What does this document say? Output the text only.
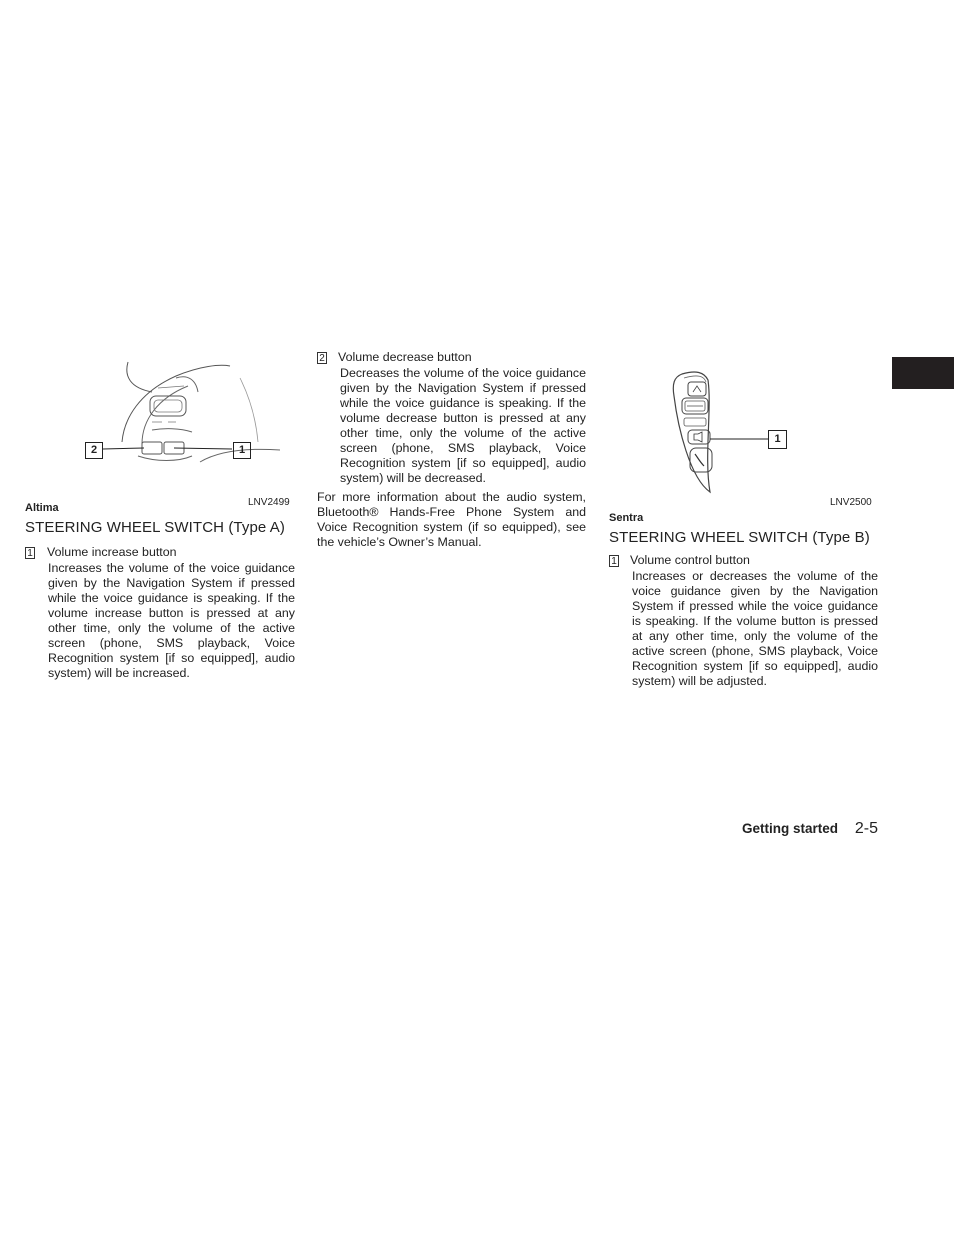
2	1
Altima	LNV2499
STEERING WHEEL SWITCH (Type A)
1 Volume increase button
Increases the volume of the voice guidance given by the Navigation System if pressed while the voice guidance is speaking. If the volume increase button is pressed at any other time, only the volume of the active screen (phone, SMS playback, Voice Recognition system [if so equipped], audio system) will be increased.
2 Volume decrease button
Decreases the volume of the voice guidance given by the Navigation System if pressed while the voice guidance is speaking. If the volume decrease button is pressed at any other time, only the volume of the active screen (phone, SMS playback, Voice Recognition system [if so equipped], audio system) will be decreased.
For more information about the audio system, Bluetooth® Hands-Free Phone System and Voice Recognition system (if so equipped), see the vehicle’s Owner’s Manual.
1
LNV2500
Sentra
STEERING WHEEL SWITCH (Type B)
1 Volume control button
Increases or decreases the volume of the voice guidance given by the Navigation System if pressed while the voice guidance is speaking. If the volume button is pressed at any other time, only the volume of the active screen (phone, SMS playback, Voice Recognition system [if so equipped], audio system) will be adjusted.
Getting started 2-5
